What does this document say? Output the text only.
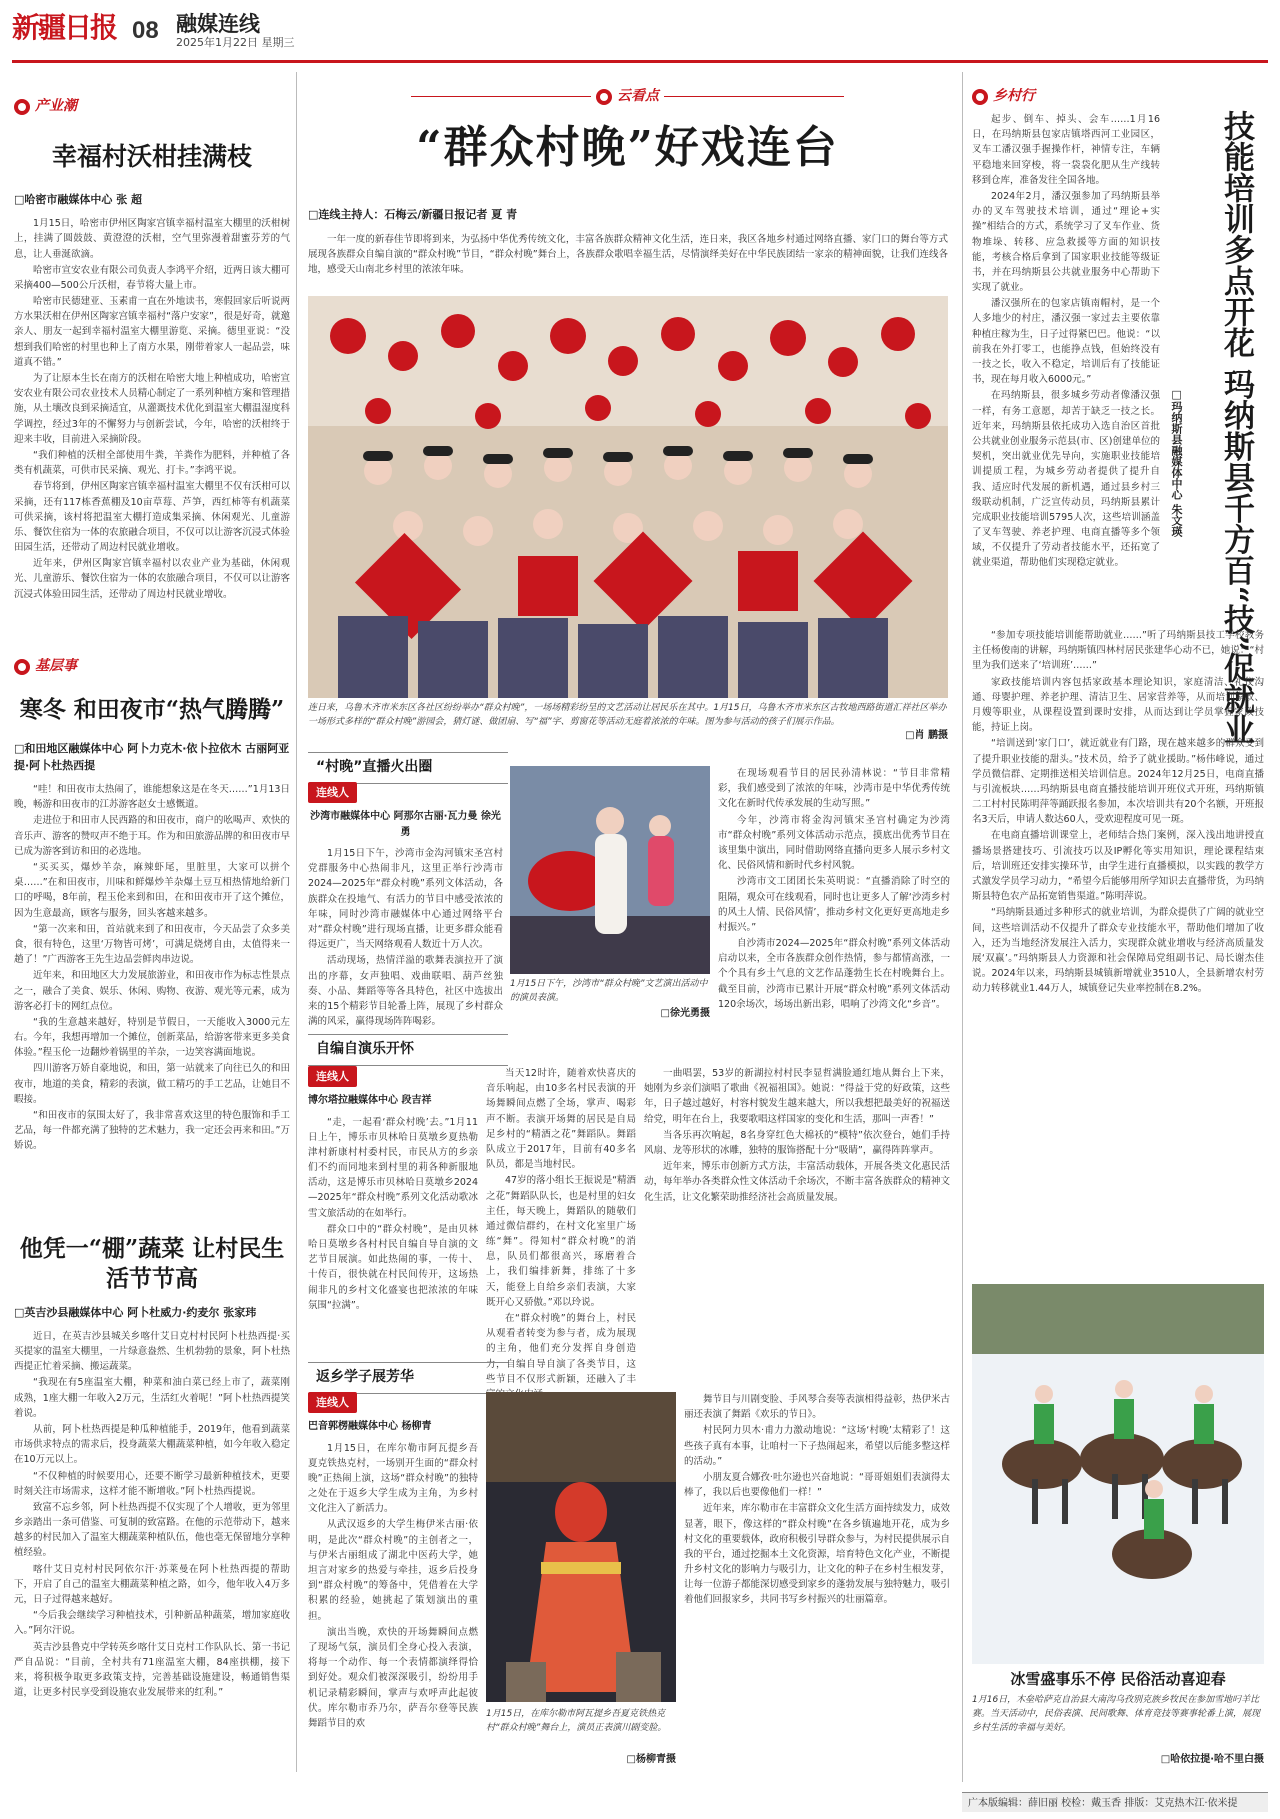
新疆日报 08 融媒连线
2025年1月22日 星期三
产业潮
幸福村沃柑挂满枝
□哈密市融媒体中心 张 超

1月15日，哈密市伊州区陶家宫镇幸福村温室大棚里的沃柑树上，挂满了圆鼓鼓、黄澄澄的沃柑，空气里弥漫着甜蜜芬芳的气息，让人垂涎欲滴。

哈密市宣安农业有限公司负责人李鸿平介绍，近两日该大棚可采摘400—500公斤沃柑，春节将大量上市。

哈密市民德建亚、玉素甫一直在外地读书，寒假回家后听说两方水果沃柑在伊州区陶家宫镇幸福村“落户安家”，很是好奇，就邀亲人、朋友一起到幸福村温室大棚里游览、采摘。德里亚说：“没想到我们哈密的村里也种上了南方水果，刚带着家人一起品尝，味道真不错。”

为了让原本生长在南方的沃柑在哈密大地上种植成功，哈密宣安农业有限公司农业技术人员精心制定了一系列种植方案和管理措施，从土壤改良到采摘适宜，从灌溉技术优化到温室大棚温湿度科学调控，经过3年的不懈努力与创新尝试，今年，哈密的沃柑终于迎来丰收，目前进入采摘阶段。

“我们种植的沃柑全部使用牛粪，羊粪作为肥料，并种植了各类有机蔬菜，可供市民采摘、观光、打卡。”李鸿平说。

春节将到，伊州区陶家宫镇幸福村温室大棚里不仅有沃柑可以采摘，还有117栋香蕉棚及10亩草莓、芦笋，西红柿等有机蔬菜可供采摘，该村将把温室大棚打造成集采摘、休闲观光、儿童游乐、餐饮住宿为一体的农旅融合项目，不仅可以让游客沉浸式体验田园生活，还带动了周边村民就业增收。

近年来，伊州区陶家宫镇幸福村以农业产业为基础，休闲观光、儿童游乐、餐饮住宿为一体的农旅融合项目，不仅可以让游客沉浸式体验田园生活，还带动了周边村民就业增收。

基层事
寒冬 和田夜市“热气腾腾”
□和田地区融媒体中心 阿卜力克木·依卜拉依木 古丽阿亚提·阿卜杜热西提

“哇！和田夜市太热闹了，谁能想象这是在冬天……”1月13日晚，畅游和田夜市的江苏游客赵女士感慨道。

走进位于和田市人民西路的和田夜市，商户的吆喝声、欢快的音乐声、游客的赞叹声不绝于耳。作为和田旅游品牌的和田夜市早已成为游客到访和田的必选地。

“买买买，爆炒羊杂，麻辣虾尾，里脏里，大家可以拼个桌……”在和田夜市，川味和鲜爆炒羊杂爆土豆互相热情地给新门口的呼喝，8年前，程玉伦来到和田，在和田夜市开了这个摊位，因为生意最高，顾客与服务，回头客越来越多。

“第一次来和田，首站就来到了和田夜市，今天品尝了众多美食，很有特色，这里‘万物皆可烤’，可满足烧烤自由，太值得来一趟了！”广西游客王先生边品尝鲜肉串边说。

近年来，和田地区大力发展旅游业，和田夜市作为标志性景点之一，融合了美食、娱乐、休闲、购物、夜游、观光等元素，成为游客必打卡的网红点位。

“我的生意越来越好，特别是节假日，一天能收入3000元左右。今年，我想再增加一个摊位，创新菜品，给游客带来更多美食体验。”程玉伦一边翻炒着锅里的羊杂，一边笑容满面地说。

四川游客万娇自豪地说，和田，第一站就来了向往已久的和田夜市，地道的美食，精彩的表演，做工精巧的手工艺品，让她目不暇接。

“和田夜市的氛围太好了，我非常喜欢这里的特色服饰和手工艺品，每一件都充满了独特的艺术魅力，我一定还会再来和田。”万娇说。

他凭一“棚”蔬菜 让村民生活节节高
□英吉沙县融媒体中心 阿卜杜威力·约麦尔 张家玮

近日，在英吉沙县城关乡喀什艾日克村村民阿卜杜热西提·买买提家的温室大棚里，一片绿意盎然、生机勃勃的景象，阿卜杜热西提正忙着采摘、搬运蔬菜。

“我现在有5座温室大棚，种菜和油白菜已经上市了，蔬菜刚成熟，1座大棚一年收入2万元，生活红火着呢！”阿卜杜热西提笑着说。

从前，阿卜杜热西提是种瓜种植能手，2019年，他看到蔬菜市场供求特点的需求后，投身蔬菜大棚蔬菜种植，如今年收入稳定在10万元以上。

“不仅种植的时候要用心，还要不断学习最新种植技术，更要时刻关注市场需求，这样才能不断增收。”阿卜杜热西提说。

致富不忘乡邻，阿卜杜热西提不仅实现了个人增收，更为邻里乡亲踏出一条可借鉴、可复制的致富路。在他的示范带动下，越来越多的村民加入了温室大棚蔬菜种植队伍，他也毫无保留地分享种植经验。

喀什艾日克村村民阿依尔汗·苏莱曼在阿卜杜热西提的帮助下，开启了自己的温室大棚蔬菜种植之路，如今，他年收入4万多元，日子过得越来越好。

“今后我会继续学习种植技术，引种新品种蔬菜，增加家庭收入。”阿尔汗说。

英吉沙县鲁克中学转英乡喀什艾日克村工作队队长、第一书记严自品说：“目前，全村共有71座温室大棚，84座拱棚，接下来，将积极争取更多政策支持，完善基础设施建设，畅通销售渠道，让更多村民享受到设施农业发展带来的红利。”

云看点
“群众村晚”好戏连台
□连线主持人：石梅云/新疆日报记者 夏 青

一年一度的新春佳节即将到来，为弘扬中华优秀传统文化，丰富各族群众精神文化生活，连日来，我区各地乡村通过网络直播、家门口的舞台等方式展现各族群众自编自演的“群众村晚”节目，“群众村晚”舞台上，各族群众歌唱幸福生活，尽情演绎美好在中华民族团结一家亲的精神面貌，让我们连线各地，感受天山南北乡村里的浓浓年味。

连日来，乌鲁木齐市米东区各社区纷纷举办“群众村晚”，一场场精彩纷呈的文艺活动让居民乐在其中。1月15日，乌鲁木齐市米东区古牧地西路街道汇祥社区举办一场形式多样的“群众村晚”游园会，猜灯谜、做团扇、写“福”字、剪窗花等活动无庭着浓浓的年味。图为参与活动的孩子们展示作品。
□肖 鹏摄
“村晚”直播火出圈
连线人
沙湾市融媒体中心 阿那尔古丽·瓦力曼 徐光勇

1月15日下午，沙湾市金沟河镇宋圣宫村党群服务中心热闹非凡，这里正举行沙湾市2024—2025年“群众村晚”系列文体活动，各族群众在投地气、有活力的节目中感受浓浓的年味，同时沙湾市融媒体中心通过网络平台对“群众村晚”进行现场直播，让更多群众能看得远更广，当天网络观看人数近十万人次。

活动现场，热情洋溢的歌舞表演拉开了演出的序幕，女声独唱、戏曲联唱、葫芦丝独奏、小品、舞蹈等等各具特色，社区中选拔出来的15个精彩节目轮番上阵，展现了乡村群众满的风采，赢得现场阵阵喝彩。

1月15日下午，沙湾市“群众村晚”文艺演出活动中的演员表演。
□徐光勇摄

在现场观看节目的居民孙清林说：“节目非常精彩，我们感受到了浓浓的年味，沙湾市是中华优秀传统文化在新时代传承发展的生动写照。”

今年，沙湾市将金沟河镇宋圣宫村确定为沙湾市“群众村晚”系列文体活动示范点，摸底出优秀节目在该里集中演出，同时借助网络直播向更多人展示乡村文化、民俗风情和新时代乡村风貌。

沙湾市文工团团长朱英明说：“直播消除了时空的阻隔，观众可在线观看，同时也让更多人了解‘沙湾乡村的风土人情、民俗风情’，推动乡村文化更好更高地走乡村振兴。”

自沙湾市2024—2025年“群众村晚”系列文体活动启动以来，全市各族群众创作热情，参与都情高涨，一个个具有乡土气息的文艺作品蓬勃生长在村晚舞台上。截至目前，沙湾市已累计开展“群众村晚”系列文体活动120余场次，场场出新出彩，唱响了沙湾文化“乡音”。

自编自演乐开怀
连线人
博尔塔拉融媒体中心 段吉祥

“走，一起看‘群众村晚’去。”1月11日上午，博乐市贝林哈日莫墩乡夏热勒津村新康村村委村民，市民从方的乡亲们不约而同地来到村里的莉各种新服地活动，这是博乐市贝林哈日莫墩乡2024—2025年“群众村晚”系列文化活动歌冰雪文旅活动的在如举行。

群众口中的“群众村晚”，是由贝林哈日莫墩乡各村村民自编自导自演的文艺节目展演。如此热闹的事，一传十、十传百，很快就在村民间传开，这场热闹非凡的乡村文化盛宴也把浓浓的年味氛围“拉满”。

当天12时许，随着欢快喜庆的音乐响起，由10多名村民表演的开场舞瞬间点燃了全场，掌声、喝彩声不断。表演开场舞的居民是自局足乡村的“精酒之花”舞蹈队。舞蹈队成立于2017年，目前有40多名队员，都是当地村民。

47岁的落小组长王振说是“精酒之花”舞蹈队队长，也是村里的妇女主任，每天晚上，舞蹈队的随敬们通过微信群约，在村文化室里广场练“舞”。得知村“群众村晚”的消息，队员们都很高兴，琢磨着合上，我们编排新舞，排练了十多天，能登上自给乡亲们表演，大家既开心又骄傲。”邓以玲说。

在“群众村晚”的舞台上，村民从观看者转变为参与者，成为展现的主角，他们充分发挥自身创造力，自编自导自演了各类节目，这些节目不仅形式新颖，还融入了丰

一曲唱罢，53岁的新湖拉村村民李显哲满脸通红地从舞台上下来，她刚为乡亲们演唱了歌曲《祝福祖国》。她说：“得益于党的好政策，这些年，日子越过越好，村容村貌发生越来越大，所以我想把最美好的祝福送给党，明年在台上，我要歌唱这样国家的变化和生活，那叫一声香！”

当各乐再次响起，8名身穿红色大棉袄的“模特”依次登台，她们手持风扇、龙等形状的冰雕，独特的服饰搭配十分“吸睛”，赢得阵阵掌声。

近年来，博乐市创新方式方法，丰富活动载体，开展各类文化惠民活动，每年举办各类群众性文体活动千余场次，不断丰富各族群众的精神文化生活，让文化繁荣助推经济社会高质量发展。

返乡学子展芳华
连线人
巴音郭楞融媒体中心 杨柳青

1月15日，在库尔勒市阿瓦提乡吾夏克铁热克村，一场别开生面的“群众村晚”正热闹上演，这场“群众村晚”的独特之处在于返乡大学生成为主角，为乡村文化注入了新活力。

从武汉返乡的大学生梅伊米古丽·依明，是此次“群众村晚”的主创者之一，与伊米古丽组成了湖北中医药大学，她坦言对家乡的热爱与牵挂，返乡后投身到“群众村晚”的筹备中，凭借着在大学积累的经验，她挑起了策划演出的重担。

演出当晚，欢快的开场舞瞬间点燃了现场气氛，演员们全身心投入表演，将每一个动作、每一个表情都演绎得恰到好处。观众们被深深吸引，纷纷用手机记录精彩瞬间，掌声与欢呼声此起彼伏。库尔勒市乔乃尔，萨吾尔登等民族舞蹈节目的欢

1月15日，在库尔勒市阿瓦提乡吾夏克铁热克村“群众村晚”舞台上，演员正表演川剧变脸。
□杨柳青摄

舞节目与川剧变脸、手风琴合奏等表演相得益彰，热伊米古丽还表演了舞蹈《欢乐的节日》。

村民阿力贝木·甫力力激动地说：“这场‘村晚’太精彩了！这些孩子真有本事，让咱村一下子热闹起来，希望以后能多整这样的活动。”

小朋友夏合娜孜·吐尔逊也兴奋地说：“哥哥姐姐们表演得太棒了，我以后也要像他们一样！”

近年来，库尔勒市在丰富群众文化生活方面持续发力，成效显著，眼下，像这样的“群众村晚”在各乡镇遍地开花，成为乡村文化的重要载体，政府积极引导群众参与，为村民提供展示自我的平台，通过挖掘本土文化资源，培育特色文化产业，不断提升乡村文化的影响力与吸引力，让文化的种子在乡村生根发芽，让每一位游子都能深切感受到家乡的蓬勃发展与独特魅力，吸引着他们回报家乡，共同书写乡村振兴的壮丽篇章。

乡村行
技能培训多点开花 玛纳斯县千方百“技”促就业
□玛纳斯县融媒体中心 朱文瑛

起步、倒车、掉头、会车……1月16日，在玛纳斯县包家店镇塔西河工业园区，叉车工潘汉强手握操作杆，神情专注，车辆平稳地来回穿梭，将一袋袋化肥从生产线转移到仓库，准备发往全国各地。

2024年2月，潘汉强参加了玛纳斯县举办的叉车驾驶技术培训，通过“理论+实操”相结合的方式，系统学习了叉车作业、货物堆垛、转移、应急救援等方面的知识技能，考核合格后拿到了国家职业技能等级证书，并在玛纳斯县公共就业服务中心帮助下实现了就业。

潘汉强所在的包家店镇南帽村，是一个人多地少的村庄，潘汉强一家过去主要依靠种植庄稼为生，日子过得紧巴巴。他说：“以前我在外打零工，也能挣点钱，但始终没有一技之长，收入不稳定，培训后有了技能证书，现在每月收入6000元。”

在玛纳斯县，很多城乡劳动者像潘汉强一样，有务工意愿，却苦于缺乏一技之长。近年来，玛纳斯县依托成功入选自治区首批公共就业创业服务示范县(市、区)创建单位的契机，突出就业优先导向，实施职业技能培训提质工程，为城乡劳动者提供了提升自我、适应时代发展的新机遇，通过县乡村三级联动机制，广泛宣传动员，玛纳斯县累计完成职业技能培训5795人次，这些培训涵盖了叉车驾驶、养老护理、电商直播等多个领域，不仅提升了劳动者技能水平，还拓宽了就业渠道，帮助他们实现稳定就业。

“参加专项技能培训能帮助就业……”听了玛纳斯县技工学校教务主任杨俊南的讲解，玛纳斯镇四林村居民张建华心动不已，她说：“村里为我们送来了‘培训班’……”

家政技能培训内容包括家政基本理论知识，家庭清洁、礼仪沟通、母婴护理、养老护理、清洁卫生、居家营养等，从而培训家政、月嫂等职业，从课程设置到课时安排，从而达到让学员掌握家政技能，持证上岗。

“培训送到‘家门口’，就近就业有门路，现在越来越多的群众受到了提升职业技能的甜头。”技术员，给予了就业援助。”杨伟峰说，通过学员微信群、定期推送相关培训信息。2024年12月25日，电商直播与引流板块……玛纳斯县电商直播技能培训开班仪式开班，玛纳斯镇二工村村民陈明萍等踊跃报名参加，本次培训共有20个名额，开班报名3天后，申请人数达60人，受欢迎程度可见一斑。

在电商直播培训课堂上，老师结合热门案例，深入浅出地讲授直播场景搭建技巧、引流技巧以及IP孵化等实用知识，理论课程结束后，培训班还安排实操环节，由学生进行直播模拟，以实践的教学方式激发学员学习动力，“希望今后能够用所学知识去直播带货，为玛纳斯县特色农产品拓宽销售渠道。”陈明萍说。

“玛纳斯县通过多种形式的就业培训，为群众提供了广阔的就业空间，这些培训活动不仅提升了群众专业技能水平，帮助他们增加了收入，还为当地经济发展注入活力，实现群众就业增收与经济高质量发展‘双赢’。”玛纳斯县人力资源和社会保障局党组副书记、局长谢杰佳说。2024年以来，玛纳斯县城镇新增就业3510人，全县新增农村劳动力转移就业1.44万人，城镇登记失业率控制在8.2%。

冰雪盛事乐不停 民俗活动喜迎春
1月16日，木垒哈萨克自治县大南沟乌孜别克族乡牧民在参加雪地叼羊比赛。当天活动中，民俗表演、民间歌舞、体育竞技等赛事轮番上演，展现乡村生活的幸福与美好。
□哈依拉提·哈不里白摄
广本版编辑：薛旧丽 校检：戴玉香 排版：艾克热木江·依米提
